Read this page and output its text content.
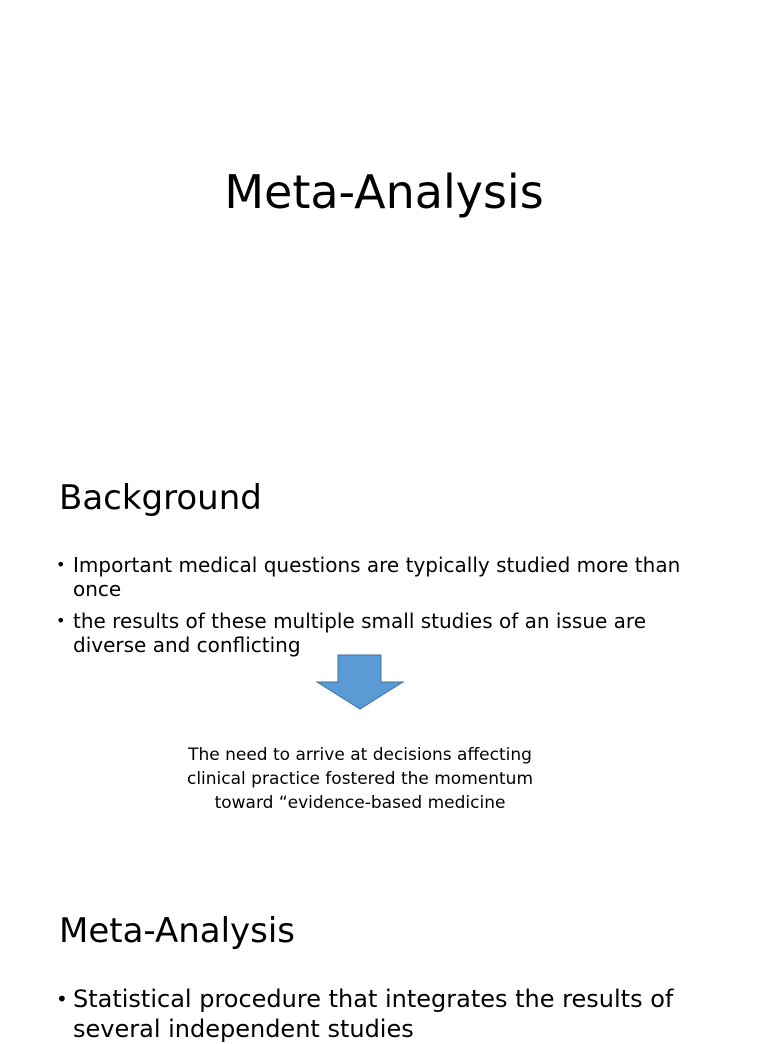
Meta-Analysis
Background
• Important medical questions are typically studied more than once
• the results of these multiple small studies of an issue are diverse and conflicting
The need to arrive at decisions affecting
clinical practice fostered the momentum
toward “evidence-based medicine
Meta-Analysis
• Statistical procedure that integrates the results of several independent studies
